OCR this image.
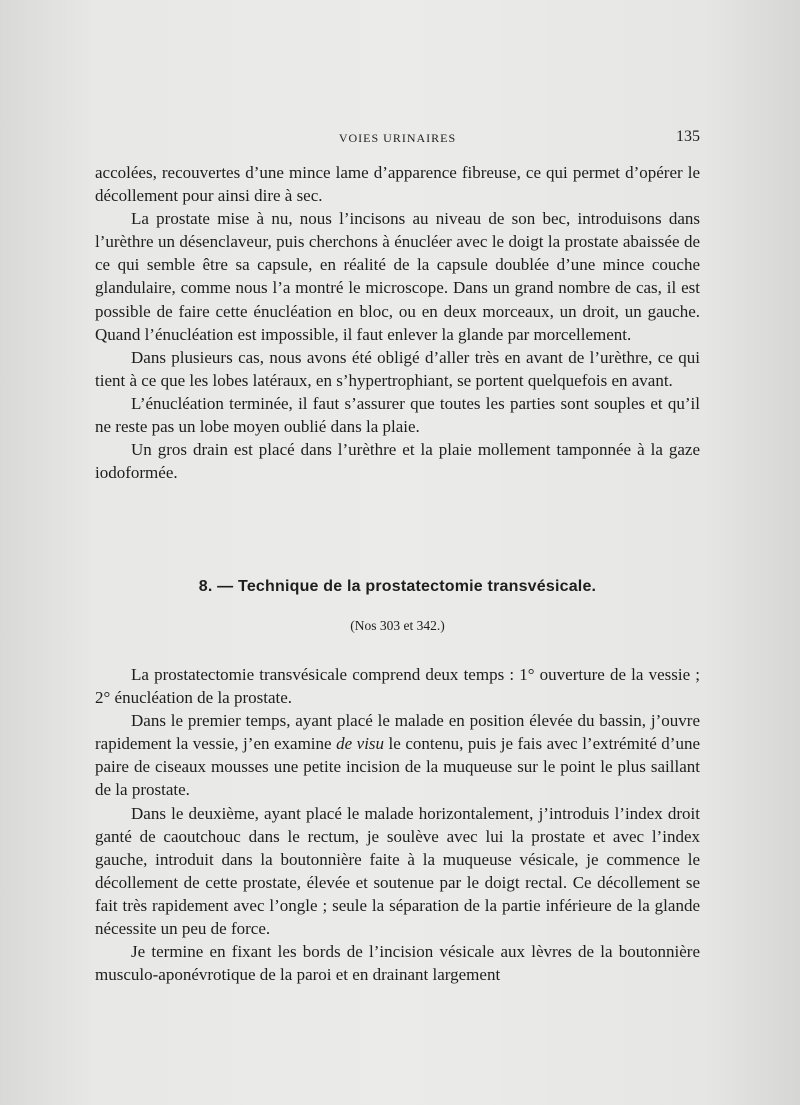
VOIES URINAIRES	135

accolées, recouvertes d’une mince lame d’apparence fibreuse, ce qui permet d’opérer le décollement pour ainsi dire à sec.

La prostate mise à nu, nous l’incisons au niveau de son bec, introduisons dans l’urèthre un désenclaveur, puis cherchons à énucléer avec le doigt la prostate abaissée de ce qui semble être sa capsule, en réalité de la capsule doublée d’une mince couche glandulaire, comme nous l’a montré le microscope. Dans un grand nombre de cas, il est possible de faire cette énucléation en bloc, ou en deux morceaux, un droit, un gauche. Quand l’énucléation est impossible, il faut enlever la glande par morcellement.

Dans plusieurs cas, nous avons été obligé d’aller très en avant de l’urèthre, ce qui tient à ce que les lobes latéraux, en s’hypertrophiant, se portent quelquefois en avant.

L’énucléation terminée, il faut s’assurer que toutes les parties sont souples et qu’il ne reste pas un lobe moyen oublié dans la plaie.

Un gros drain est placé dans l’urèthre et la plaie mollement tamponnée à la gaze iodoformée.

8. — Technique de la prostatectomie transvésicale.
(Nos 303 et 342.)

La prostatectomie transvésicale comprend deux temps : 1° ouverture de la vessie ; 2° énucléation de la prostate.

Dans le premier temps, ayant placé le malade en position élevée du bassin, j’ouvre rapidement la vessie, j’en examine de visu le contenu, puis je fais avec l’extrémité d’une paire de ciseaux mousses une petite incision de la muqueuse sur le point le plus saillant de la prostate.

Dans le deuxième, ayant placé le malade horizontalement, j’introduis l’index droit ganté de caoutchouc dans le rectum, je soulève avec lui la prostate et avec l’index gauche, introduit dans la boutonnière faite à la muqueuse vésicale, je commence le décollement de cette prostate, élevée et soutenue par le doigt rectal. Ce décollement se fait très rapidement avec l’ongle ; seule la séparation de la partie inférieure de la glande nécessite un peu de force.

Je termine en fixant les bords de l’incision vésicale aux lèvres de la boutonnière musculo-aponévrotique de la paroi et en drainant largement
